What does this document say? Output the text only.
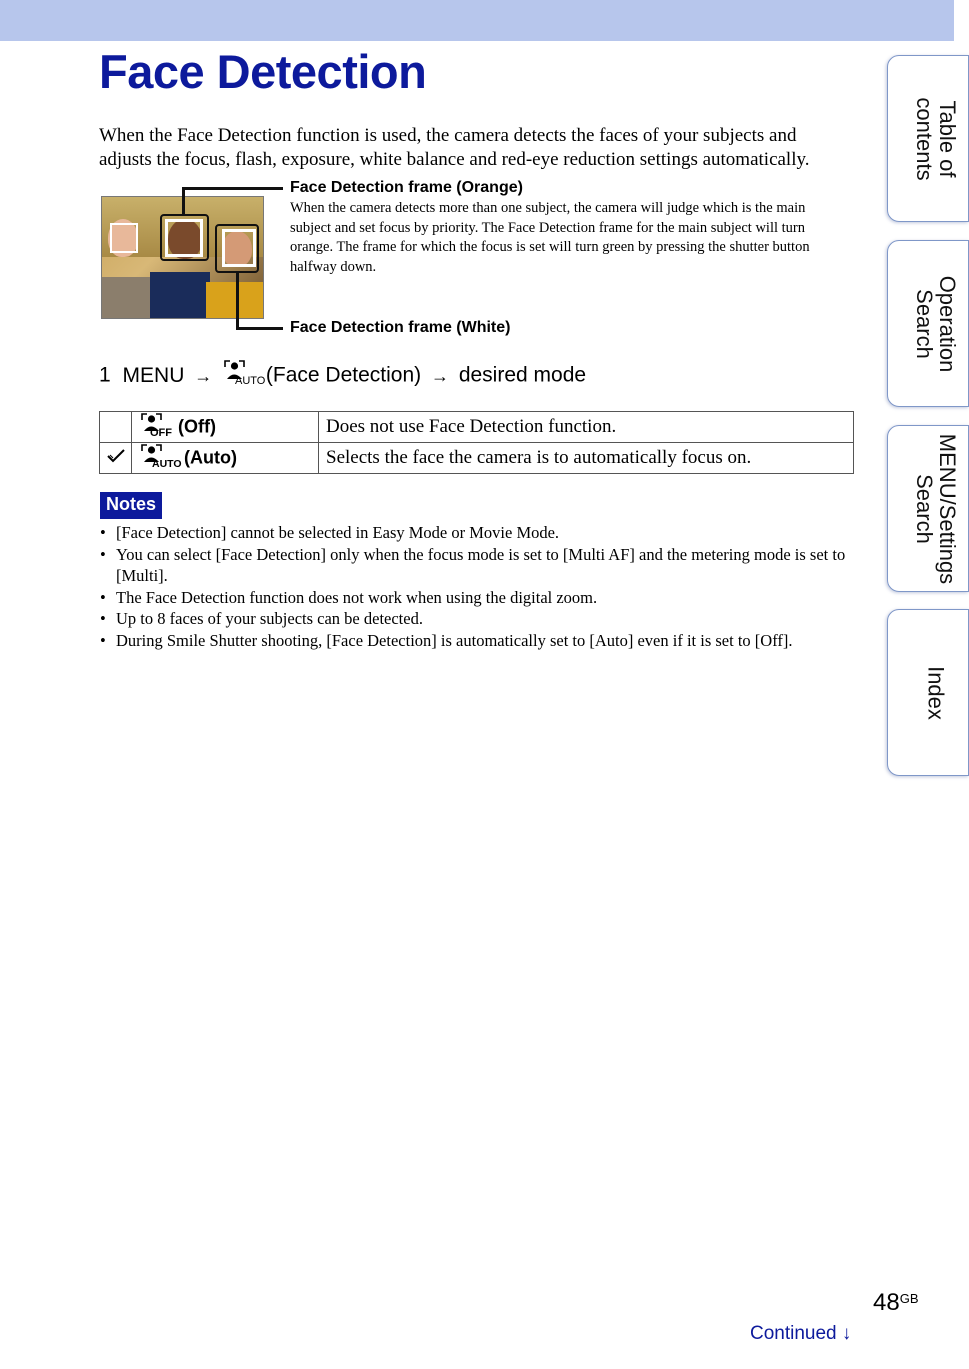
Face Detection

When the Face Detection function is used, the camera detects the faces of your subjects and adjusts the focus, flash, exposure, white balance and red-eye reduction settings automatically.

Face Detection frame (Orange)

When the camera detects more than one subject, the camera will judge which is the main subject and set focus by priority. The Face Detection frame for the main subject will turn orange. The frame for which the focus is set will turn green by pressing the shutter button halfway down.

Face Detection frame (White)
1 MENU → AUTO (Face Detection) → desired mode

OFF (Off)	Does not use Face Detection function.

AUTO (Auto)	Selects the face the camera is to automatically focus on.
Notes
• [Face Detection] cannot be selected in Easy Mode or Movie Mode.
• You can select [Face Detection] only when the focus mode is set to [Multi AF] and the metering mode is set to [Multi].
• The Face Detection function does not work when using the digital zoom.
• Up to 8 faces of your subjects can be detected.
• During Smile Shutter shooting, [Face Detection] is automatically set to [Auto] even if it is set to [Off].
Table of
contents
Operation
Search
MENU/Settings
Search
Index
$48^{GB}$
Continued ↓
